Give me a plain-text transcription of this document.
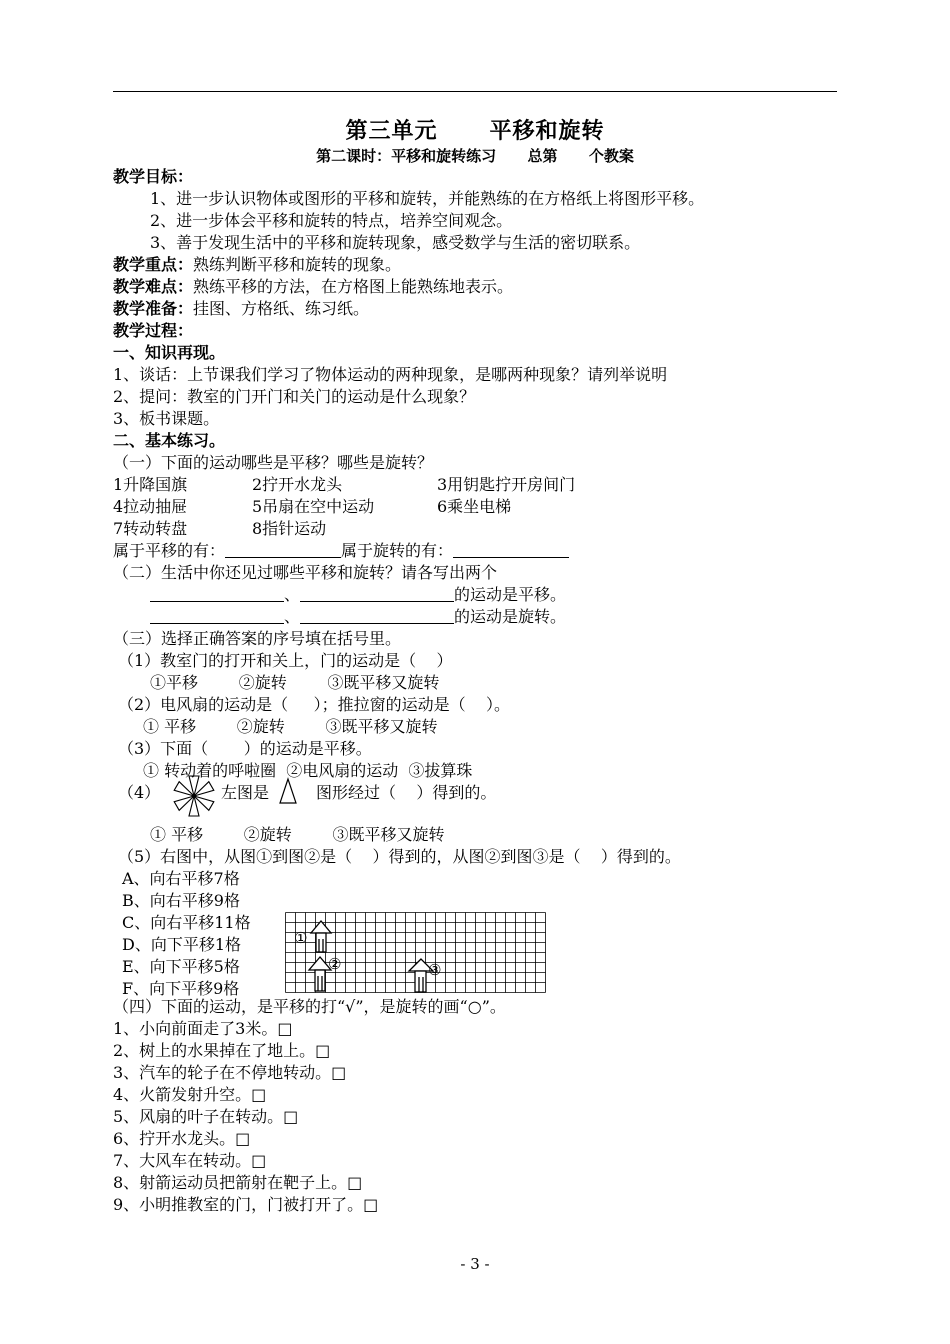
第三单元      平移和旋转
第二课时：平移和旋转练习      总第      个教案
教学目标：
1、进一步认识物体或图形的平移和旋转，并能熟练的在方格纸上将图形平移。
2、进一步体会平移和旋转的特点，培养空间观念。
3、善于发现生活中的平移和旋转现象，感受数学与生活的密切联系。
教学重点：熟练判断平移和旋转的现象。
教学难点：熟练平移的方法，在方格图上能熟练地表示。
教学准备：挂图、方格纸、练习纸。
教学过程：
一、知识再现。
1、谈话：上节课我们学习了物体运动的两种现象，是哪两种现象？请列举说明
2、提问：教室的门开门和关门的运动是什么现象？
3、板书课题。
二、基本练习。
（一）下面的运动哪些是平移？哪些是旋转？
1升降国旗	2拧开水龙头	3用钥匙拧开房间门
4拉动抽屉	5吊扇在空中运动	6乘坐电梯
7转动转盘	8指针运动
属于平移的有：	属于旋转的有：
（二）生活中你还见过哪些平移和旋转？请各写出两个
、	的运动是平移。
、	的运动是旋转。
（三）选择正确答案的序号填在括号里。
（1）教室门的打开和关上，门的运动是（    ）
①平移        ②旋转        ③既平移又旋转
（2）电风扇的运动是（     ）；推拉窗的运动是（    ）。
① 平移        ②旋转        ③既平移又旋转
（3）下面（       ）的运动是平移。
① 转动着的呼啦圈  ②电风扇的运动  ③拔算珠
（4）	左图是	图形经过（    ）得到的。
① 平移        ②旋转        ③既平移又旋转
（5）右图中，从图①到图②是（    ）得到的，从图②到图③是（    ）得到的。
A、向右平移7格
B、向右平移9格
C、向右平移11格
D、向下平移1格
E、向下平移5格
F、向下平移9格
①
②	③
（四）下面的运动，是平移的打“√”，是旋转的画“○”。
1、小向前面走了3米。□
2、树上的水果掉在了地上。□
3、汽车的轮子在不停地转动。□
4、火箭发射升空。□
5、风扇的叶子在转动。□
6、拧开水龙头。□
7、大风车在转动。□
8、射箭运动员把箭射在靶子上。□
9、小明推教室的门，门被打开了。□
- 3 -
